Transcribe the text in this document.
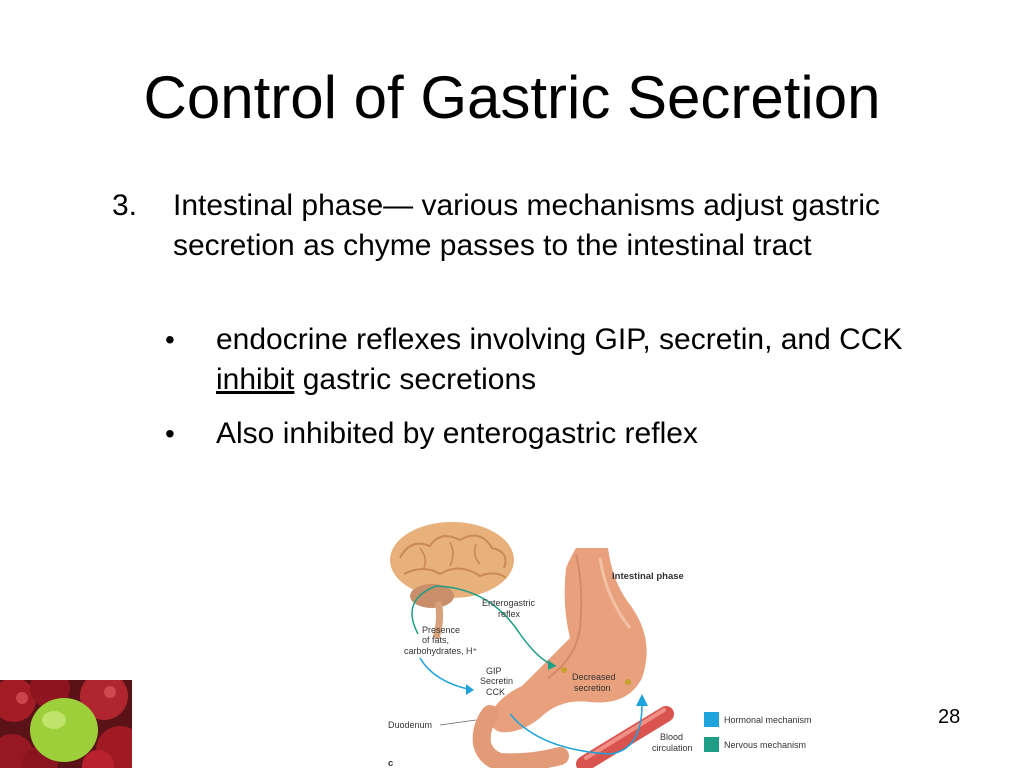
Control of Gastric Secretion
3. Intestinal phase— various mechanisms adjust gastric secretion as chyme passes to the intestinal tract
• endocrine reflexes involving GIP, secretin, and CCK inhibit gastric secretions
• Also inhibited by enterogastric reflex
28
Intestinal phase
Enterogastric
reflex
Presence
of fats,
carbohydrates, H⁺
GIP
Secretin
CCK
Decreased
secretion
Duodenum
Blood
circulation
Hormonal mechanism
Nervous mechanism
c
